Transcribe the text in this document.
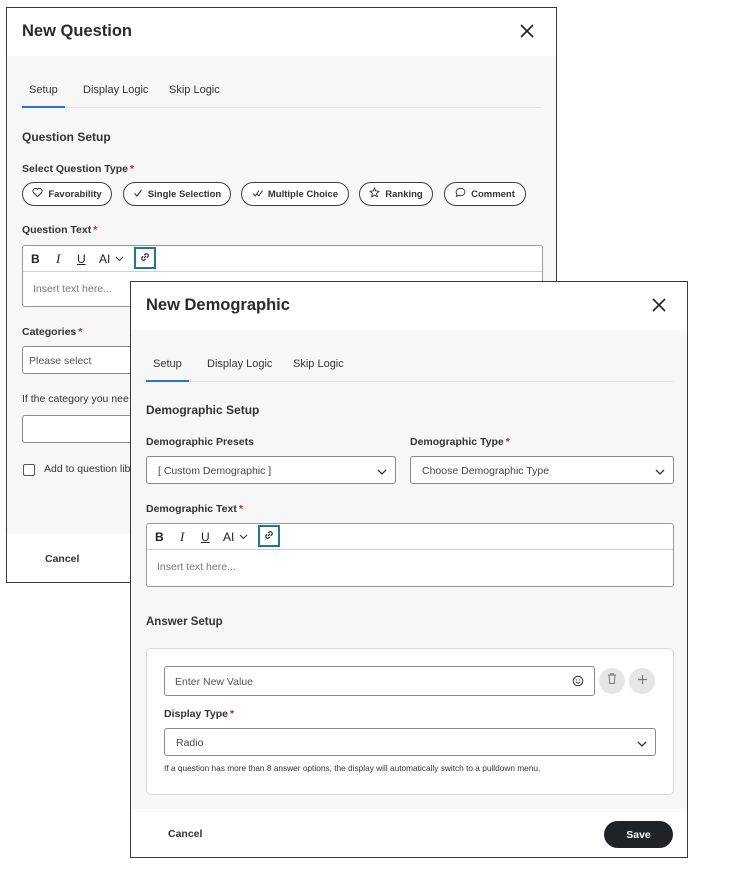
New Question
Setup	Display Logic Skip Logic
Question Setup
Select Question Type *
Favorability	Single Selection	Multiple Choice	Ranking	Comment
Question Text *
B I U AI
Insert text here...
Categories *
Please select
If the category you nee
Add to question lib
Cancel
New Demographic
Setup	Display Logic Skip Logic
Demographic Setup
Demographic Presets
[ Custom Demographic ]
Demographic Type *
Choose Demographic Type
Demographic Text *
B I U AI
Insert text here...
Answer Setup
Enter New Value
Display Type *
Radio
If a question has more than 8 answer options, the display will automatically switch to a pulldown menu.
Cancel	Save
